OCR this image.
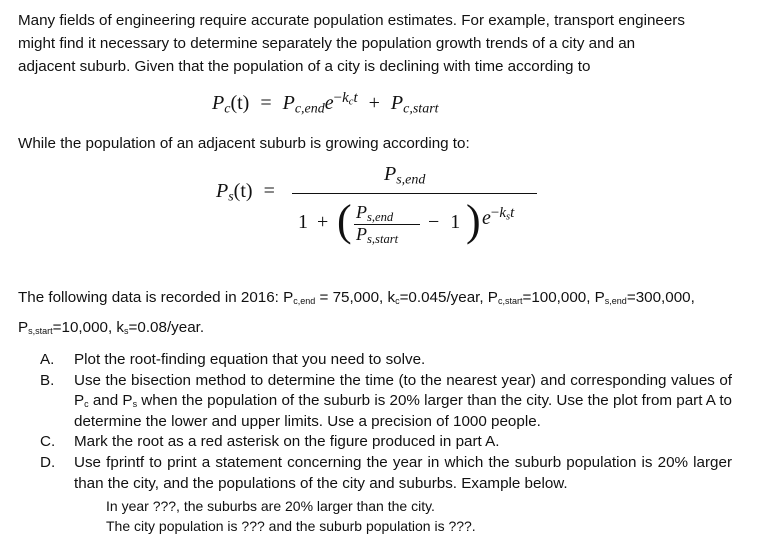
Many fields of engineering require accurate population estimates. For example, transport engineers
might find it necessary to determine separately the population growth trends of a city and an
adjacent suburb. Given that the population of a city is declining with time according to
$P_c(t) = P_{c,end}e^{-k_ct} + P_{c,start}$
While the population of an adjacent suburb is growing according to:
$P_s(t)$ =
$P_{s,end}$
1 + ( $P_{s,end}$
$P_{s,start}$
− 1 ) $e^{-k_st}$
The following data is recorded in 2016: Pc,end = 75,000, kc=0.045/year, Pc,start=100,000, Ps,end=300,000,
Ps,start=10,000, ks=0.08/year.
A.	Plot the root-finding equation that you need to solve.
B.	Use the bisection method to determine the time (to the nearest year) and corresponding values of Pc and Ps when the population of the suburb is 20% larger than the city. Use the plot from part A to determine the lower and upper limits. Use a precision of 1000 people.
C.	Mark the root as a red asterisk on the figure produced in part A.
D.	Use fprintf to print a statement concerning the year in which the suburb population is 20% larger than the city, and the populations of the city and suburbs. Example below.
In year ???, the suburbs are 20% larger than the city.
The city population is ??? and the suburb population is ???.
